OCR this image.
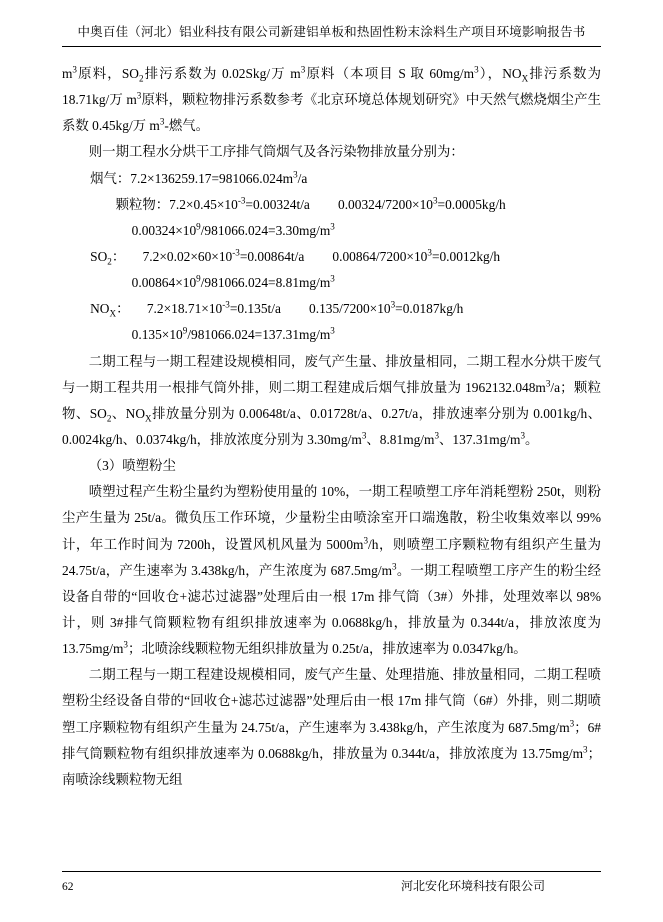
中奥百佳（河北）铝业科技有限公司新建铝单板和热固性粉末涂料生产项目环境影响报告书

$m^3$原料，$SO_2$排污系数为 0.02Skg/万 $m^3$原料（本项目 S 取 $60mg/m^3$），$NO_X$排污系数为 18.71kg/万 $m^3$原料，颗粒物排污系数参考《北京环境总体规划研究》中天然气燃烧烟尘产生系数 0.45kg/万 $m^3-$燃气。

则一期工程水分烘干工序排气筒烟气及各污染物排放量分别为：

烟气：$7.2\times 136259.17=981066.024m^3/a$

颗粒物：$7.2\times 0.45\times 10^{-3}=0.00324t/a$ $0.00324/7200\times 10^3=0.0005kg/h$

$0.00324\times 10^9/981066.024=3.30mg/m^3$

$SO_2$： $7.2\times 0.02\times 60\times 10^{-3}=0.00864t/a$ $0.00864/7200\times 10^3=0.0012kg/h$

$0.00864\times 10^9/981066.024=8.81mg/m^3$

$NO_X$： $7.2\times 18.71\times 10^{-3}=0.135t/a$ $0.135/7200\times 10^3=0.0187kg/h$

$0.135\times 10^9/981066.024=137.31mg/m^3$

二期工程与一期工程建设规模相同，废气产生量、排放量相同，二期工程水分烘干废气与一期工程共用一根排气筒外排，则二期工程建成后烟气排放量为 $1962132.048m^3/a$；颗粒物、$SO_2$、$NO_X$排放量分别为 0.00648t/a、0.01728t/a、0.27t/a，排放速率分别为 0.001kg/h、0.0024kg/h、0.0374kg/h，排放浓度分别为 $3.30mg/m^3$、$8.81mg/m^3$、$137.31mg/m^3$。

（3）喷塑粉尘

喷塑过程产生粉尘量约为塑粉使用量的 10%，一期工程喷塑工序年消耗塑粉 250t，则粉尘产生量为 25t/a。微负压工作环境，少量粉尘由喷涂室开口端逸散，粉尘收集效率以 99%计，年工作时间为 7200h，设置风机风量为 $5000m^3/h$，则喷塑工序颗粒物有组织产生量为 24.75t/a，产生速率为 3.438kg/h，产生浓度为 $687.5mg/m^3$。一期工程喷塑工序产生的粉尘经设备自带的“回收仓+滤芯过滤器”处理后由一根 17m 排气筒（3#）外排，处理效率以 98%计，则 3#排气筒颗粒物有组织排放速率为 0.0688kg/h，排放量为 0.344t/a，排放浓度为 $13.75mg/m^3$；北喷涂线颗粒物无组织排放量为 0.25t/a，排放速率为 0.0347kg/h。

二期工程与一期工程建设规模相同，废气产生量、处理措施、排放量相同，二期工程喷塑粉尘经设备自带的“回收仓+滤芯过滤器”处理后由一根 17m 排气筒（6#）外排，则二期喷塑工序颗粒物有组织产生量为 24.75t/a，产生速率为 3.438kg/h，产生浓度为 $687.5mg/m^3$；6#排气筒颗粒物有组织排放速率为 0.0688kg/h，排放量为 0.344t/a，排放浓度为 $13.75mg/m^3$；南喷涂线颗粒物无组

62	河北安化环境科技有限公司
